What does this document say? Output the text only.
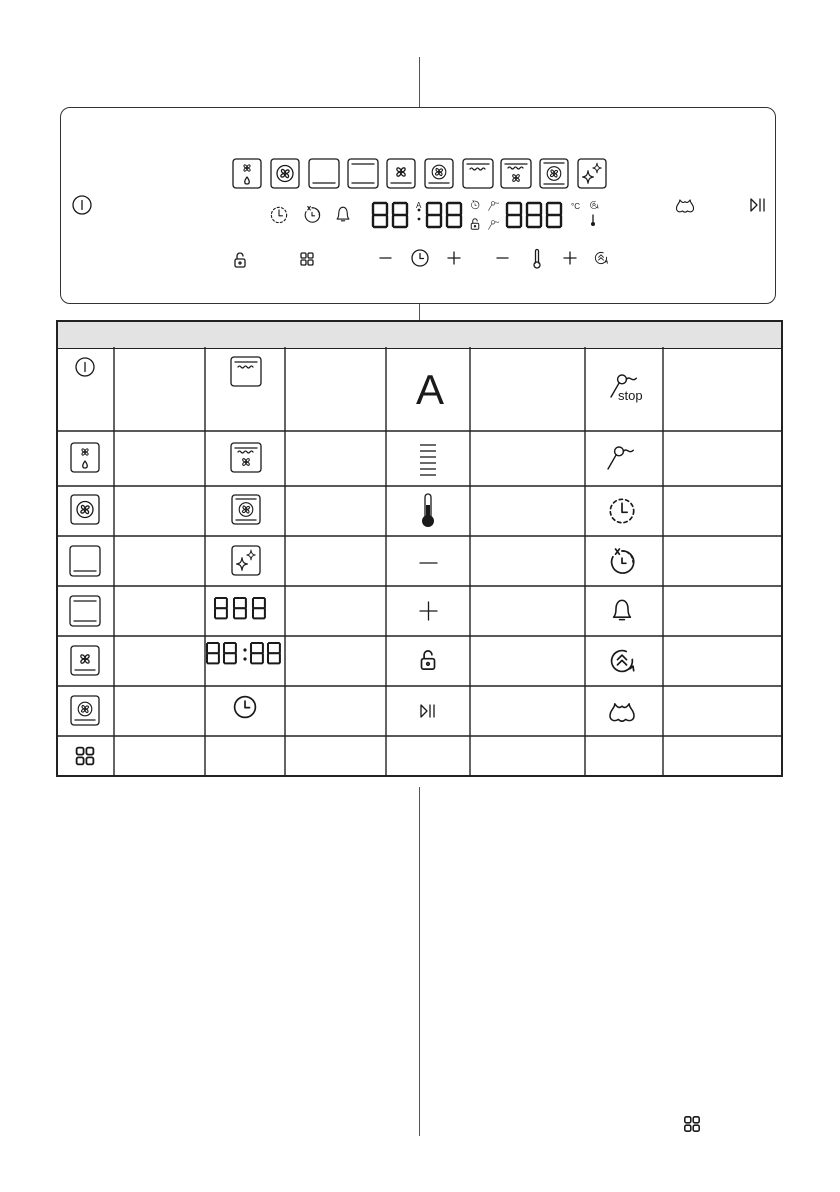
A	°C
A	stop
